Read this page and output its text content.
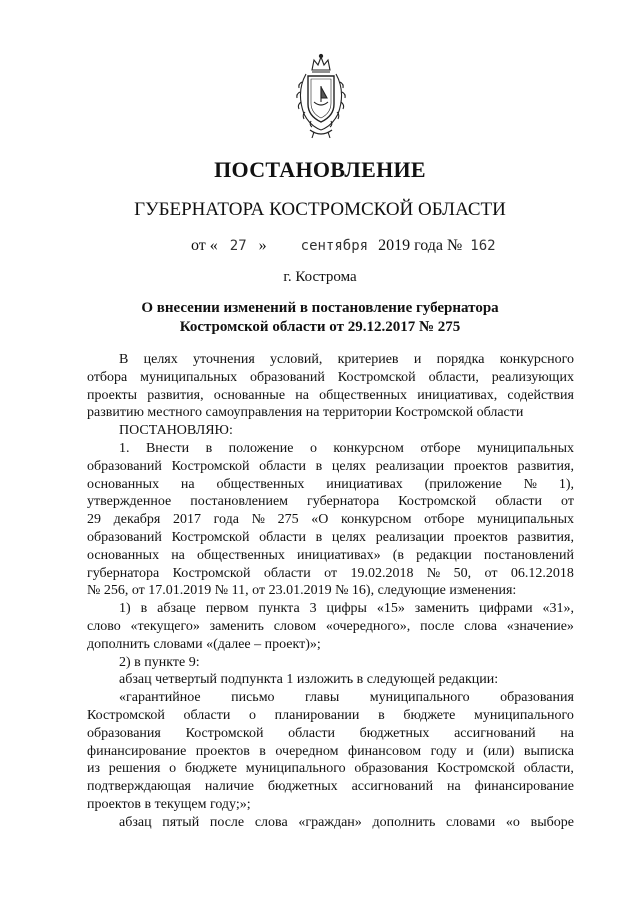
ПОСТАНОВЛЕНИЕ
ГУБЕРНАТОРА КОСТРОМСКОЙ ОБЛАСТИ
от « 27 » сентября 2019 года № 162
г. Кострома
О внесении изменений в постановление губернатора
Костромской области от 29.12.2017 № 275
В целях уточнения условий, критериев и порядка конкурсного
отбора муниципальных образований Костромской области, реализующих
проекты развития, основанные на общественных инициативах, содействия
развитию местного самоуправления на территории Костромской области
ПОСТАНОВЛЯЮ:
1. Внести в положение о конкурсном отборе муниципальных
образований Костромской области в целях реализации проектов развития,
основанных на общественных инициативах (приложение № 1),
утвержденное постановлением губернатора Костромской области от
29 декабря 2017 года № 275 «О конкурсном отборе муниципальных
образований Костромской области в целях реализации проектов развития,
основанных на общественных инициативах» (в редакции постановлений
губернатора Костромской области от 19.02.2018 № 50, от 06.12.2018
№ 256, от 17.01.2019 № 11, от 23.01.2019 № 16), следующие изменения:
1) в абзаце первом пункта 3 цифры «15» заменить цифрами «31»,
слово «текущего» заменить словом «очередного», после слова «значение»
дополнить словами «(далее – проект)»;
2) в пункте 9:
абзац четвертый подпункта 1 изложить в следующей редакции:
«гарантийное письмо главы муниципального образования
Костромской области о планировании в бюджете муниципального
образования Костромской области бюджетных ассигнований на
финансирование проектов в очередном финансовом году и (или) выписка
из решения о бюджете муниципального образования Костромской области,
подтверждающая наличие бюджетных ассигнований на финансирование
проектов в текущем году;»;
абзац пятый после слова «граждан» дополнить словами «о выборе
